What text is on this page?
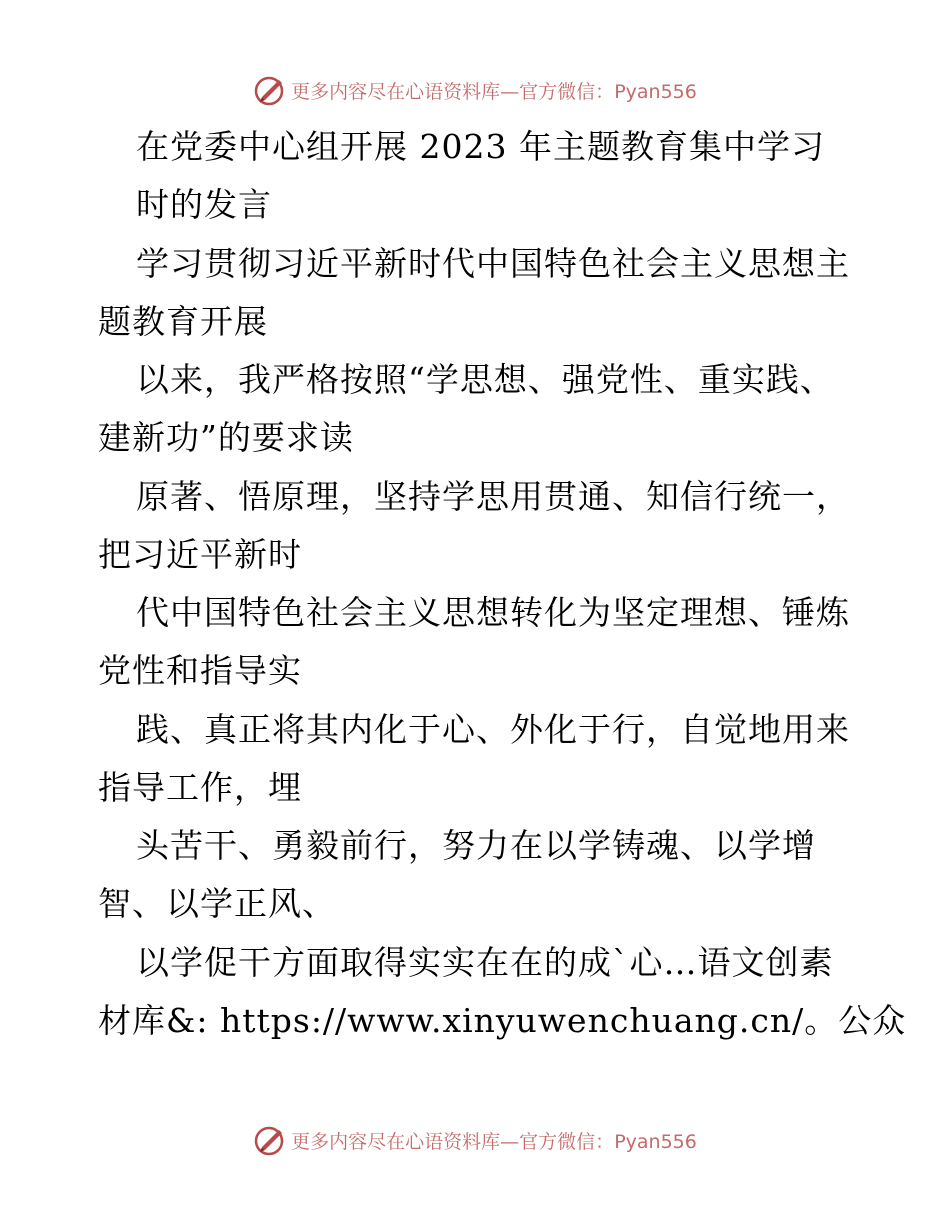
更多内容尽在心语资料库—官方微信：Pyan556
在党委中心组开展 2023 年主题教育集中学习
时的发言
学习贯彻习近平新时代中国特色社会主义思想主
题教育开展
以来，我严格按照“学思想、强党性、重实践、
建新功”的要求读
原著、悟原理，坚持学思用贯通、知信行统一，
把习近平新时
代中国特色社会主义思想转化为坚定理想、锤炼
党性和指导实
践、真正将其内化于心、外化于行，自觉地用来
指导工作，埋
头苦干、勇毅前行，努力在以学铸魂、以学增
智、以学正风、
以学促干方面取得实实在在的成`心…语文创素
材库&: https://www.xinyuwenchuang.cn/。公众
更多内容尽在心语资料库—官方微信：Pyan556
